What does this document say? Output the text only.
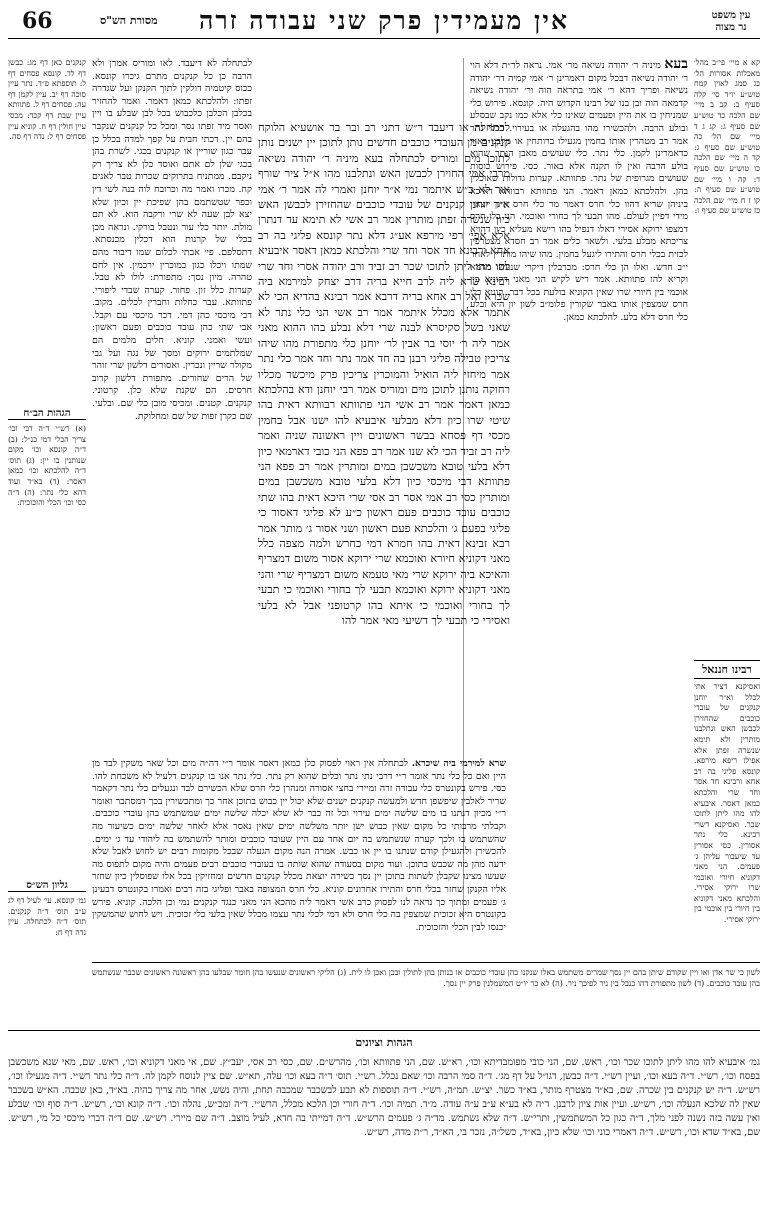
66	אין מעמידין פרק שני עבודה זרה	עין משפט נר מצוה
מסורת הש"ס

קא א מיי׳ פי״ב מהל׳ מאכלות אסורות הל׳ כג סמג לאוין קמח טוש״ע יו״ד סי׳ קלה סעיף ב: קב ב מיי׳ שם הלכה כד טוש״ע שם סעיף ג: קג ג ד מיי׳ שם הל׳ כה טוש״ע שם סעיף ג: קד ה מיי׳ שם הלכה כו טוש״ע שם סעיף ד: קה ו מיי׳ שם טוש״ע שם סעיף ה: קו ז ח מיי׳ שם הלכה כז טוש״ע שם סעיף ו:

בעא מיניה ר׳ יהודה נשיאה מר׳ אמי. נראה לר״ת דלא הוי ר׳ יהודה נשיאה דבכל מקום דאמרינן ר׳ אמי קמיה דר׳ יהודה נשיאה ופריך דהא ר׳ אמי בתראה הוה ור׳ יהודה נשיאה קדמאה הוה ובן בנו של רבינו הקדוש היה. קונסא. פירוש כלי שמניחין בו את היין ופעמים שאינו כלי אלא כמו נקב שבסלע ובולע הרבה. ולהכשירו מהו בהגעלה או בעירוי. בכלי נתר אמר רב מטהרין אותו בחמין מגעילו ברותחין או מלבנו באור כדאמרינן לקמן. כלי נתר. כלי שעושים מאבן הנתר שהוא בולע הרבה ואין לו תקנה אלא באור. כסי. פירוש כוסות שעושים מגרופית של נתר. פתוותא. קערות גדולות שאוכלין בהן. ולהלכתא כמאן דאמר. הני פתוותא רבוותא דאיכא ביניהן שריא דהוו כלי חרס דאמר מר כלי חרס אינן יוצאין מידי דפיין לעולם. מהו תבעי לך בחורי ואוכמי. הני כלי חרס דמצפו ירוקא אסירי דאלו דנפיל בהו רישא מעליא כיון דהויא צריכתא מבלע בלעי. ולשאר כלים אמר רב חסדא מצטרפין לכזית בכלי חרס והתירו ליגעל בחמין. מהו שיהו מותרין לאחר י״ב חדש. ואלו הן כלי חרס: מכרבלין דיקרי שנעשו מדמא וקריא להו פתוותא. אמר ריש לקיש הני מאני דקוניא בין אוכמי בין חיורי שרו שאין הקוניא בולעת בכל דבר. קוניא כלי חרס שמצפין אותו באבר שקורין פלומ״ב לשון יון היא ובלע כלי חרס דלא בלע. להלכתא כמאן.

לכתחלה או דיעבד ר״ש דתני רב ובר בר אושעיא הלוקח קנקנים מן העובדי כוכבים חדשים נותן לתוכן יין ישנים נותן לתוכן מים ומוריס לכתחלה בעא מיניה ר׳ יהודה נשיאה מרבי אמי החוירן לכבשן האש ונתלבנו מהו א״ל ציר שורף אור לא כ״ש איתמר נמי א״ר יוחנן ואמרי לה אמר ר׳ אמי א״ר יוחנן קנקנים של עובדי כוכבים שהחזירן לכבשן האש כיון שנשרה זפתן מותרין אמר רב אשי לא תימא עד דנתרן אלא אפי׳ רפי מירפא אע״ג דלא נתר קונסא פליגי בה רב אחא ורבינא חד אסר וחד שרי והלכתא כמאן דאסר איבעיא להו מהו ליתן לתוכו שכר רב זביד ורב יהודה אסרי וחד שרי רבינא שרא ליה לרב חייא בריה דרב יצחק למירמא ביה שכרא ואל רב אחא בריה דרבא אמר רבינא בהדיא הכי לא אתמר אלא מכלל איתמר אמר רב אשי הני כלי נתר לא שאני בשל סקיסרא לבנה שרי דלא נבלע בהו ההוא מאני אמר ליה ר׳ יוסי בר אבין לר׳ יוחנן כלי מתפורת מהו שיהו צריכין טבילה פליגי רבנן בה חד אמר נתר וחד אמר כלי נתר אמר מיחזי ליה הואיל והמוכרין צריכין פרק מיכשר מכליו רחוקה נותנן לתוכן מים ומוריס אמר רבי יוחנן ודא בהלכתא כמאן דאמר אמר רב אשי הני פתוותא רבוותא דאית בהו שיטי שרו כיון דלא מבלעי איבעיא להו ישנו אבל בחמין מכסי דף פסחא בבשר ראשונים ויין ראשונה שניה ואמר ליה רב זביד הכי לא שנו אמר רב פפא הני כובי דארמאי כיון דלא בלעי טובא משכשבן במים ומותרין אמר רב פפא הני פתוותא דבי מיכסי כיון דלא בלעי טובא משכשבן במים ומותרין כסי רב אמי אסר רב אסי שרי היכא דאית בהו שתי כוכבים עובד כוכבים פעם ראשון כ״ע לא פליגי דאסור כי פליגי בפעם ג׳ והלכתא פעם ראשון ושני אסור ג׳ מותר אמר רבא זבינא דאית בהו חמרא דמי כחרש ולמה מצפה כלל מאני דקוניא חיורא ואוכמא שרי ירוקא אסור משום דמצריף והאיכא ביה ירוקא שרי מאי טעמא משום דמצריף שרי והני מאני דקוניא ירוקא ואוכמא תבעי לך בחורי ואוכמי כי תבעי לך בחורי ואוכמי כי איתא בהו קרטופני אבל לא בלעי ואסירי כי תבעי לך דשיעי מאי אמר להו

לכתחלה לא דיעבד. לאו ומוריס אמרן ולא הרבה כן כל קנקנים מתרם גיכרו קונסא. ככוס קיטמיה דולקין לתוך הקנקן ועל שגדרה זפתו: ולהלכתא כמאן דאמר. ואמר להחזיר בכלבן הכלבן כלכבוש בכל לבן שבלע בו ויין ואסר מיד זפתו נסר ומכל כל קנקנים שנקבר בהם יין. דכתי חבית על קפך למדה בכלל כן עבר כגון שוריין או קנקנים בכגי. לשרת בהן בכגי שלן לם אתם ואוסד כלן לא צריך רק ניקבם. ממתניח בתרוקים שכרות טבר לאנים קח. מכרו ואמר מה וכרובח לוה בנה לשי דין וכפר שטשתמם בהן שפיכת יין וכיון שלא יצא לבן שעה לא שרי ורקבה הוא. לא תם מולת. יותר כלי עור ונטבל בורקי. ונראה מכן בכלי של קרנות הוא דכלין מכנסתא. דתסלפם. פי׳ אבתי לכלום שמו דיבור מהם שמתו ויכלו כגון כמוכרין ירכמין. אין לחם טהרה. מיון נסך: מתפורת: לולו לא טבל. קערות כלל זון. פחור. קערה שבדי ליפורי. פתוותא. עבר כחלות וחברין לכלים. מקוב. דכי מיכסי כהן דמי. דכר מיכסי עם וקבל. אבי שתי כהן עובד כוכבים ופעם ראשון: ועשי ואמני. קוניא. חלים מלמים הם שמלתמים ירוקים ומסך של נגה ועל גבי מקולר שריין ונכרין. ואסורים דלשון שרי זוהר של הרים שחורים. מתפורת דלשון קרוב חרסים. הם שקנת שלא כלן. קרטוני. קנקנים. קטנים. ומכיסי מובן כלי שם. ובלעי. שם כקרן זפות של שם ומחלוקת.

שרא למירמי ביה שיכרא. לכתחלה אין ראוי לפסוק כלן כמאן דאסר אומר ר״י דה״ה מים וכל שאר משקין לבד מן היין ואם כל כלי נתר אומר ר״י דרבי נתי נתר וכלים שהוא רק נתר. כלי נתר אנו בו קנקנים דלעיל לא משכחת להו. כסי. פירש בקונטרס כלי עבודה זרה ומיירי בחצי אסורה ומנהרן כלי חרס שלא הכשירם לבד ונגעלים כלי נתר דקאמר שריר לאלבין שיפשפן חדש ולמעשה קנקנים ישנים שלא יכול יין כבוש בתוכן אחר כך ומתכשירין בכך דמסתבר ואומר ר״י מכיון דנתנו בו מים שלשה ימים עירוי וכל זה כבר לא שלא יכלה שלשה ימים שמשתמש בהן עובדי כוכבים. וקבלתי מרבותי כל מקום שאין כבוש ישן יותר משלשה ימים שאין נאסר אלא לאחר שלשה ימים כשיעור מה שהשתמש בו ולכך קערה שנשתמש בה יום אחד עם היין שעובד כוכבים ומותר להשתמש בה ליהודי עד ג׳ ימים. להכשירן ולהגעילן קודם שנתנו בו יין או כבש. אמרה הנה מקום הגעלה שבכל מקומות רבים יש לחוש לאבל שלא ידעה מהן מה שכבש בתוכן. ועוד מקום בסעודה שהוא שותה בו בעובדי כוכבים רבים פעמים והיה מקום לתפוס מה שעשו מצינו שקבלן לשתות בתוכן יין נסך כשירה יוצאת מכלל קנקנים חדשים ומחזיקין בכל אלו שפוסלין כיון שחזר אליו הקנקן שחזר בכלי חרס והתירו אחרונים קוניא. כלי חרס המצופה באבר ופליגי בזה רבים ואמרו בקונטרס דבעינן ג׳ פעמים ומתוך כך נראה לנו לפסוק כרב אשי דאמר ליה מהכא הני מאני כנגד קנקנים נמי וכן הלכה. קוניא. פירש בקונטרס היא זכוכית שמצפין בה כלי חרס ולא דמי לכלי נתר עצמו מכלל שאין בלעי כלי זכוכית. ויש לחוש שהמשקין יכנסו לבין הכלי והזכוכית.

קנקנים כאן דף מג: כבשן דף לד. קונסא פסחים דף ל: תוספתא פ״ד. נתר עיין סוכה דף יב. עיין לקמן דף עה: פסחים דף ל. פתוותא עיין שבת דף קכד: מכסי עיין חולין דף ח. קוניא עיין פסחים דף ל: נדה דף סה.

הגהות הב״ח

(א) רש״י ד״ה דבי וכו׳ צריך הכלי דמי כנ״ל: (ב) ד״ה קונסא וכו׳ מקום שנותנין בו יין: (ג) תוס׳ ד״ה להלכתא וכו׳ כמאן דאסר: (ד) בא״ד ועוד דהא כלי נתר: (ה) ד״ה כסי וכו׳ הכלי והזכוכית:

גליון הש״ס

גמ׳ קונסא. עי׳ לעיל דף לג ע״ב תוס׳ ד״ה קנקנים. תוס׳ ד״ה לכתחלה. עיין נדה דף ח:

רבינו חננאל

ואסיקנא דציר אתי לכלל וא״ר יוחנן קנקנים של עובדי כוכבים שהחזירן לכבשן האש ונתלבנו מותרין ולא תימא שנשרה זפתן אלא אפילו ריפא מירפא. קונסא פליגי בה רב אחא ורבינא חד אסר וחד שרי והלכתא כמאן דאסר. איבעיא להו מהו ליתן לתוכו שכר. ואסיקנא דשרי רבינא. כלי נתר אסורין. כסי אסורין עד שיעבור עליהן ג׳ פעמים. הני מאני דקוניא חיורי ואוכמי שרו ירוקי אסירי. והלכתא מאני דקוניא בין חיורי בין אוכמי בין ירוקי אסירי.

לשון כי שר אדן ואו ויין שקודם שיתן בהם יין נסך שמרים משתמש באלו שנקנו בהן עובדי כוכבים או בנותן בהן לתולין ובכן ואכן לו לית. (ג) הליקי ראשונים שנעשו בהן חומר שבלעו בהן ראשונה ראשונים שכבר שנשתמש בהן עובד כוכבים. (ד) לשון מתפורת דהו כנבל בין ניר לפיכך ניר. (ה) לא כר יו״ט המשמלנין פרק יין נסך.

הגהות וציונים

גמ׳ איבעיא להו מהו ליתן לתוכו שכר וכו׳, ראש. שם, הני כובי מפומבדיתא וכו׳, רא״ש. שם, הני פתוותא וכו׳, מהרש״ם. שם, כסי רב אסי, יעב״ץ. שם, אי מאני דקוניא וכו׳, ראש. שם, מאי שנא משכשבן בפסח וכו׳, רש״י. ד״ה בעא וכו׳, ועיין רש״י. ד״ה כבשן, דגו״ל על דף מג׳. ד״ה סמי הרבה וכו׳ שאם נכלל. רש״י. תוס׳ ד״ה בעא וכו׳ עלה, תא״ש. שם ציין לנוסח לקמן לה. ד״ה כלי נתר רש״י. ד״ה מגעילו וכו׳, רש״ש. ד״ה יש קנקנים בין שכרה. שם, בא״ד מצטרף מותר, בא״ד כשר. יצ״ש. תמ״ה, רש״י. ד״ה תוספות לא תבע לבשכבר שמכבה תחת, והיה נשש, אחר מה צריך בהיה. בא״ד, כאן שכבה. הא״ש בשכבר שאין לה שלכא הנעלה וכו׳, רש״ש. ועיין אות ציון לרבנן. ד״ה לא בע״א ע״ב ע״ה עודה. מ״ד. תמיה וכו׳. ד״ה חורי וכן הלכא מכלל, הרש״י. ד״ה ומכ״ש, נהלה וכו׳. ד״ה קונא וכו׳, רש״ש. ד״ה סוף וכו׳ שבלע ואין עשה בזה נשנה לפני מלך, ד״ה כגון כל המשתמשין, ותרי״ש. ד״ה שלא נשתמש. מד״ה ג׳ פעמים הרש״ש. ד״ה דמייתי בה חדא, לעיל מוצב. ד״ה שם מיירי. רש״ש. שם ד״ה דברי מיכסי כל מי, רש״ש. שם, בא״ד שדא וכו׳, רש״ש. ד״ה דאמרי כוני וכו׳ שלא כיון, בא״ד, כשל״ה, נזכר בי, הא״ד, ר״ת מדה, רש״ש.
